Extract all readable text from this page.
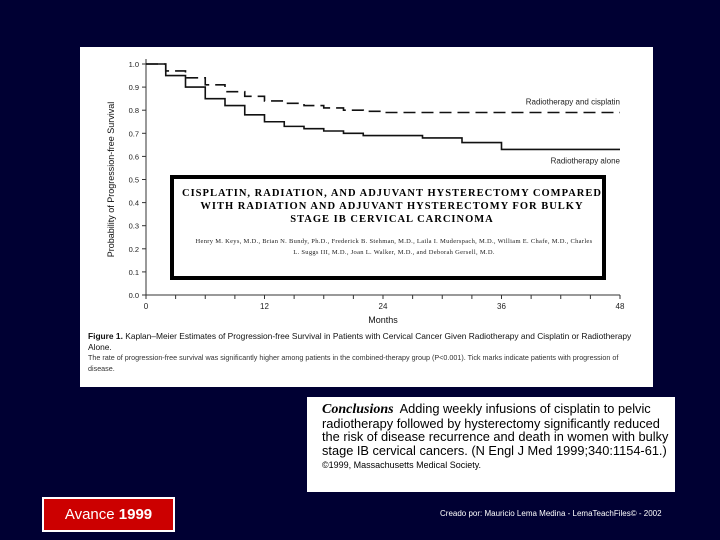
0.0
0.1
0.2
0.3
0.4
0.5
0.6
0.7
0.8
0.9
1.0
0	12	24	36	48
Months
Probability of Progression-free Survival	Radiotherapy and cisplatin
Radiotherapy alone
CISPLATIN, RADIATION, AND ADJUVANT HYSTERECTOMY COMPARED WITH RADIATION AND ADJUVANT HYSTERECTOMY FOR BULKY STAGE IB CERVICAL CARCINOMA
Henry M. Keys, M.D., Brian N. Bundy, Ph.D., Frederick B. Stehman, M.D., Laila I. Muderspach, M.D., William E. Chafe, M.D., Charles L. Suggs III, M.D., Joan L. Walker, M.D., and Deborah Gersell, M.D.
Figure 1. Kaplan–Meier Estimates of Progression-free Survival in Patients with Cervical Cancer Given Radiotherapy and Cisplatin or Radiotherapy Alone.
The rate of progression-free survival was significantly higher among patients in the combined-therapy group (P<0.001). Tick marks indicate patients with progression of disease.
Conclusions Adding weekly infusions of cisplatin to pelvic radiotherapy followed by hysterectomy significantly reduced the risk of disease recurrence and death in women with bulky stage IB cervical cancers. (N Engl J Med 1999;340:1154-61.)
©1999, Massachusetts Medical Society.
Avance 1999	Creado por: Mauricio Lema Medina - LemaTeachFiles© - 2002
